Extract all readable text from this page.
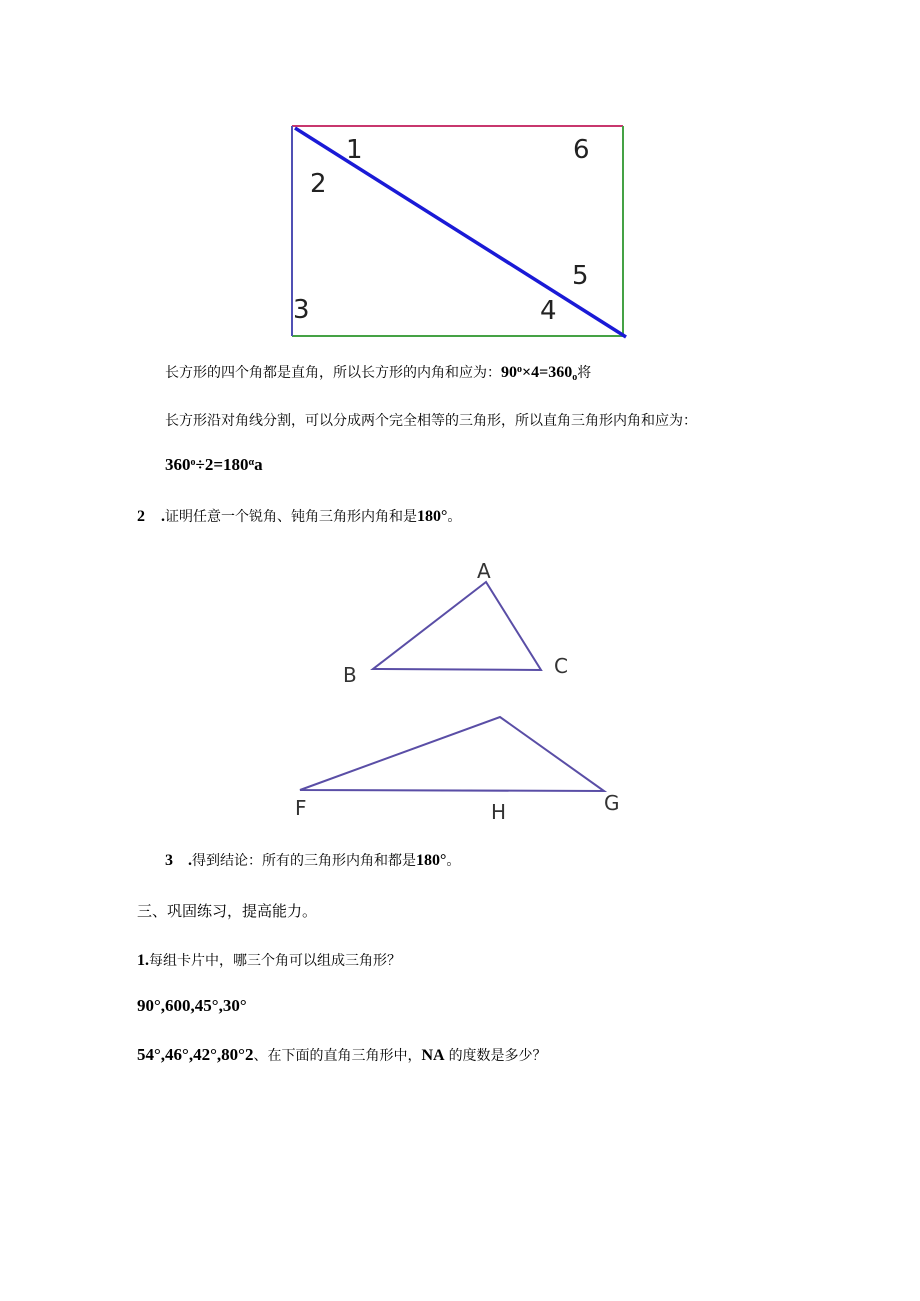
1
2
3	4
5
6
长方形的四个角都是直角，所以长方形的内角和应为：$90^o\times 4=360_o$将
长方形沿对角线分割，可以分成两个完全相等的三角形，所以直角三角形内角和应为：
$360^o\div 2=180^\alpha a$
2 .证明任意一个锐角、钝角三角形内角和是180°。
A
B	C
F	H	G
3 .得到结论：所有的三角形内角和都是180°。
三、巩固练习，提高能力。
1.每组卡片中，哪三个角可以组成三角形？
90°,600,45°,30°
54°,46°,42°,80°2、在下面的直角三角形中，NA 的度数是多少？
